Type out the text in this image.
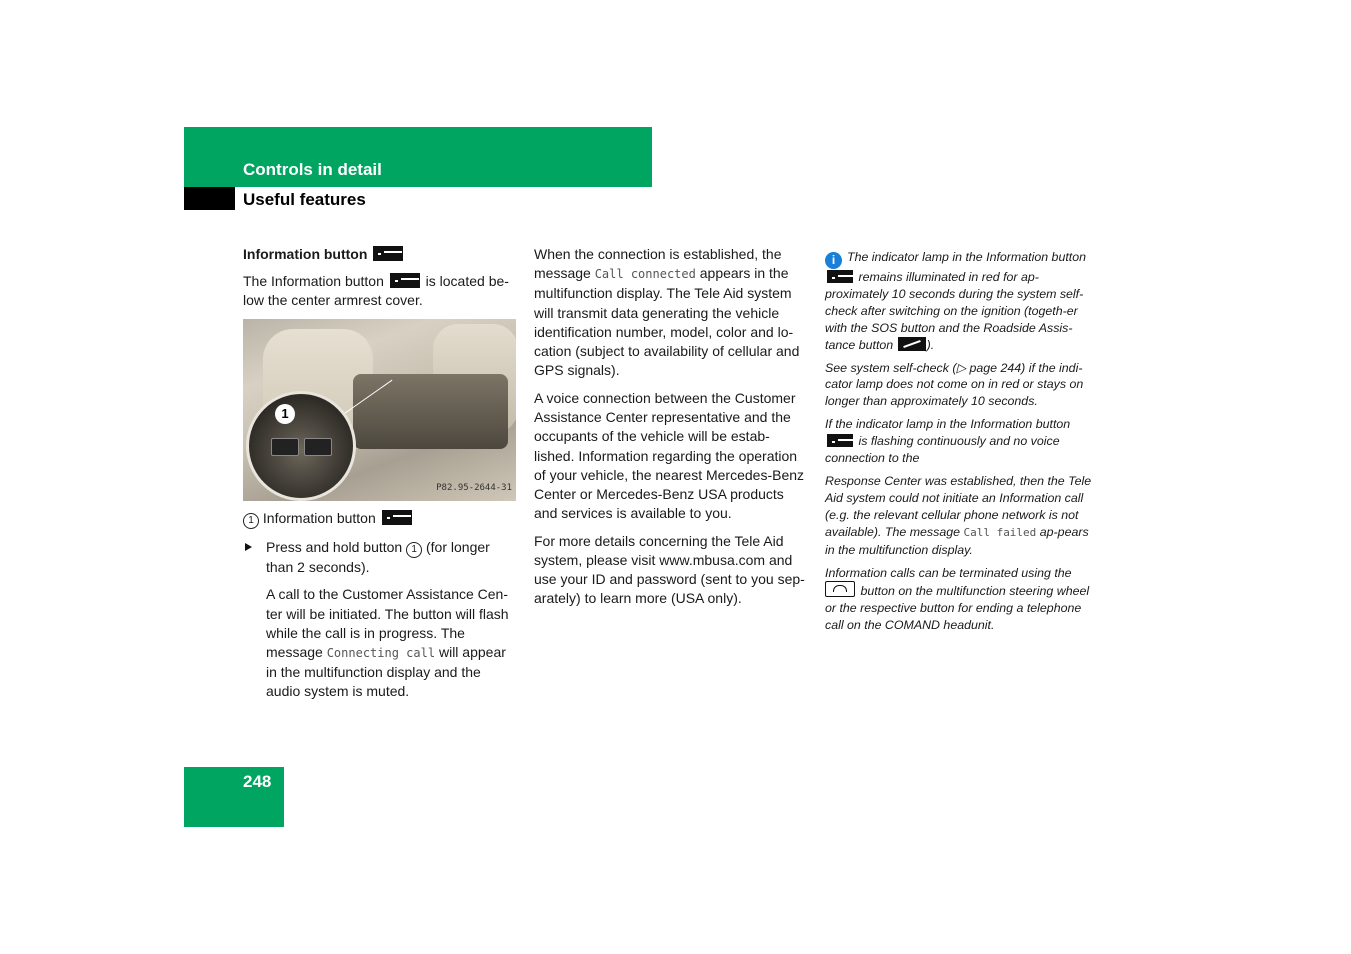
Controls in detail
Useful features

Information button

The Information button	is located be-low the center armrest cover.

1
P82.95-2644-31

1 Information button

Press and hold button 1 (for longer than 2 seconds).

A call to the Customer Assistance Cen-ter will be initiated. The button will flash while the call is in progress. The message Connecting call will appear in the multifunction display and the audio system is muted.

When the connection is established, the message Call connected appears in the multifunction display. The Tele Aid system will transmit data generating the vehicle identification number, model, color and lo-cation (subject to availability of cellular and GPS signals).

A voice connection between the Customer Assistance Center representative and the occupants of the vehicle will be estab-lished. Information regarding the operation of your vehicle, the nearest Mercedes-Benz Center or Mercedes-Benz USA products and services is available to you.

For more details concerning the Tele Aid system, please visit www.mbusa.com and use your ID and password (sent to you sep-arately) to learn more (USA only).

i The indicator lamp in the Information button  remains illuminated in red for ap-proximately 10 seconds during the system self-check after switching on the ignition (togeth-er with the SOS button and the Roadside Assis-tance button	).

See system self-check (▷ page 244) if the indi-cator lamp does not come on in red or stays on longer than approximately 10 seconds.

If the indicator lamp in the Information button  is flashing continuously and no voice connection to the

Response Center was established, then the Tele Aid system could not initiate an Information call (e.g. the relevant cellular phone network is not available). The message Call failed ap-pears in the multifunction display.

Information calls can be terminated using the  button on the multifunction steering wheel or the respective button for ending a telephone call on the COMAND headunit.

248
